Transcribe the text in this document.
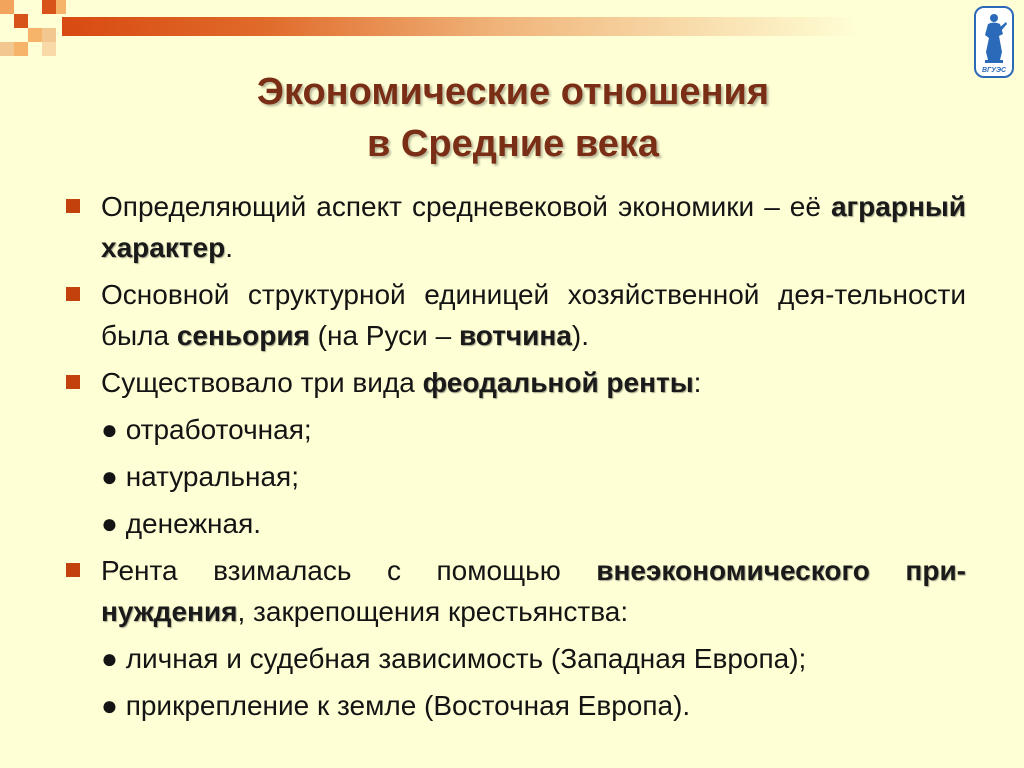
ВГУЭС
Экономические отношения
в Средние века
Определяющий аспект средневековой экономики – её аграрный характер.
Основной структурной единицей хозяйственной дея-тельности была сеньория (на Руси – вотчина).
Существовало три вида феодальной ренты:
● отработочная;
● натуральная;
● денежная.
Рента взималась с помощью внеэкономического при-нуждения, закрепощения крестьянства:
● личная и судебная зависимость (Западная Европа);
● прикрепление к земле (Восточная Европа).
